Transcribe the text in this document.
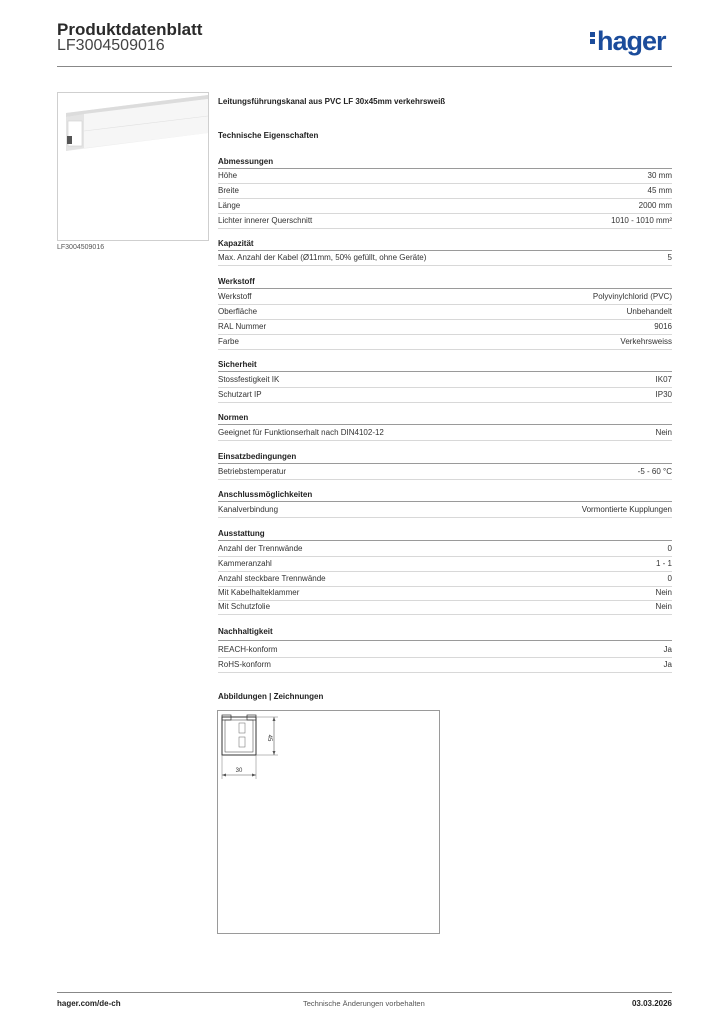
Produktdatenblatt
LF3004509016	hager
LF3004509016
Leitungsführungskanal aus PVC LF 30x45mm verkehrsweiß
Technische Eigenschaften
Abmessungen
Höhe	30 mm
Breite	45 mm
Länge	2000 mm
Lichter innerer Querschnitt	1010 - 1010 mm²
Kapazität
Max. Anzahl der Kabel (Ø11mm, 50% gefüllt, ohne Geräte)	5
Werkstoff
Werkstoff	Polyvinylchlorid (PVC)
Oberfläche	Unbehandelt
RAL Nummer	9016
Farbe	Verkehrsweiss
Sicherheit
Stossfestigkeit IK	IK07
Schutzart IP	IP30
Normen
Geeignet für Funktionserhalt nach DIN4102-12	Nein
Einsatzbedingungen
Betriebstemperatur	-5 - 60 °C
Anschlussmöglichkeiten
Kanalverbindung	Vormontierte Kupplungen
Ausstattung
Anzahl der Trennwände	0
Kammeranzahl	1 - 1
Anzahl steckbare Trennwände	0
Mit Kabelhalteklammer	Nein
Mit Schutzfolie	Nein
Nachhaltigkeit
REACH-konform	Ja
RoHS-konform	Ja
Abbildungen | Zeichnungen
45
30
hager.com/de-ch	Technische Änderungen vorbehalten	03.03.2026
